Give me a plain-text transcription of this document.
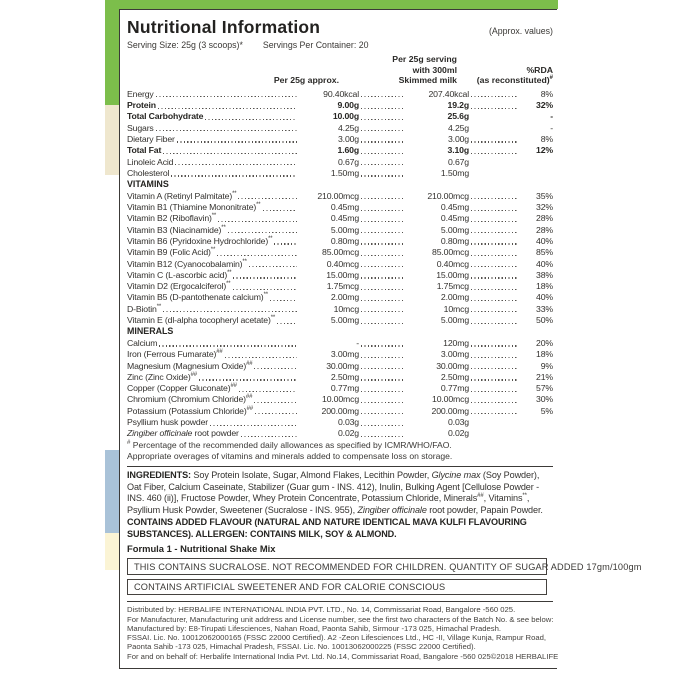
Nutritional Information	(Approx. values)
Serving Size: 25g (3 scoops)* Servings Per Container: 20
Per 25g approx.
Per 25g serving
with 300ml
Skimmed milk
%RDA
(as reconstituted)#
Energy	90.40kcal	207.40kcal	8%
Protein	9.00g	19.2g	32%
Total Carbohydrate	10.00g	25.6g	-
Sugars	4.25g	4.25g	-
Dietary Fiber	3.00g	3.00g	8%
Total Fat	1.60g	3.10g	12%
Linoleic Acid	0.67g	0.67g
Cholesterol	1.50mg	1.50mg
VITAMINS
Vitamin A (Retinyl Palmitate)**	210.00mcg	210.00mcg	35%
Vitamin B1 (Thiamine Mononitrate)**	0.45mg	0.45mg	32%
Vitamin B2 (Riboflavin)**	0.45mg	0.45mg	28%
Vitamin B3 (Niacinamide)**	5.00mg	5.00mg	28%
Vitamin B6 (Pyridoxine Hydrochloride)**	0.80mg	0.80mg	40%
Vitamin B9 (Folic Acid)**	85.00mcg	85.00mcg	85%
Vitamin B12 (Cyanocobalamin)**	0.40mcg	0.40mcg	40%
Vitamin C (L-ascorbic acid)**	15.00mg	15.00mg	38%
Vitamin D2 (Ergocalciferol)**	1.75mcg	1.75mcg	18%
Vitamin B5 (D-pantothenate calcium)**	2.00mg	2.00mg	40%
D-Biotin**	10mcg	10mcg	33%
Vitamin E (dl-alpha tocopheryl acetate)**	5.00mg	5.00mg	50%
MINERALS
Calcium	-	120mg	20%
Iron (Ferrous Fumarate)##	3.00mg	3.00mg	18%
Magnesium (Magnesium Oxide)##	30.00mg	30.00mg	9%
Zinc (Zinc Oxide)##	2.50mg	2.50mg	21%
Copper (Copper Gluconate)##	0.77mg	0.77mg	57%
Chromium (Chromium Chloride)##	10.00mcg	10.00mcg	30%
Potassium (Potassium Chloride)##	200.00mg	200.00mg	5%
Psyllium husk powder	0.03g	0.03g
Zingiber officinale root powder	0.02g	0.02g
# Percentage of the recommended daily allowances as specified by ICMR/WHO/FAO.
Appropriate overages of vitamins and minerals added to compensate loss on storage.
INGREDIENTS: Soy Protein Isolate, Sugar, Almond Flakes, Lecithin Powder, Glycine max (Soy Powder), Oat Fiber, Calcium Caseinate, Stabilizer (Guar gum - INS. 412), Inulin, Bulking Agent [Cellulose Powder - INS. 460 (ii)], Fructose Powder, Whey Protein Concentrate, Potassium Chloride, Minerals##, Vitamins**, Psyllium Husk Powder, Sweetener (Sucralose - INS. 955), Zingiber officinale root powder, Papain Powder. CONTAINS ADDED FLAVOUR (NATURAL AND NATURE IDENTICAL MAVA KULFI FLAVOURING SUBSTANCES). ALLERGEN: CONTAINS MILK, SOY & ALMOND.
Formula 1 - Nutritional Shake Mix
THIS CONTAINS SUCRALOSE. NOT RECOMMENDED FOR CHILDREN. QUANTITY OF SUGAR ADDED 17gm/100gm
CONTAINS ARTIFICIAL SWEETENER AND FOR CALORIE CONSCIOUS
Distributed by: HERBALIFE INTERNATIONAL INDIA PVT. LTD., No. 14, Commissariat Road, Bangalore -560 025.
For Manufacturer, Manufacturing unit address and License number, see the first two characters of the Batch No. & see below:
Manufactured by: E8-Tirupati Lifesciences, Nahan Road, Paonta Sahib, Sirmour -173 025, Himachal Pradesh.
FSSAI. Lic. No. 10012062000165 (FSSC 22000 Certified). A2 -Zeon Lifesciences Ltd., HC -II, Village Kunja, Rampur Road,
Paonta Sahib -173 025, Himachal Pradesh, FSSAI. Lic. No. 10013062000225 (FSSC 22000 Certified).
For and on behalf of: Herbalife International India Pvt. Ltd. No.14, Commissariat Road, Bangalore -560 025 ©2018 HERBALIFE
